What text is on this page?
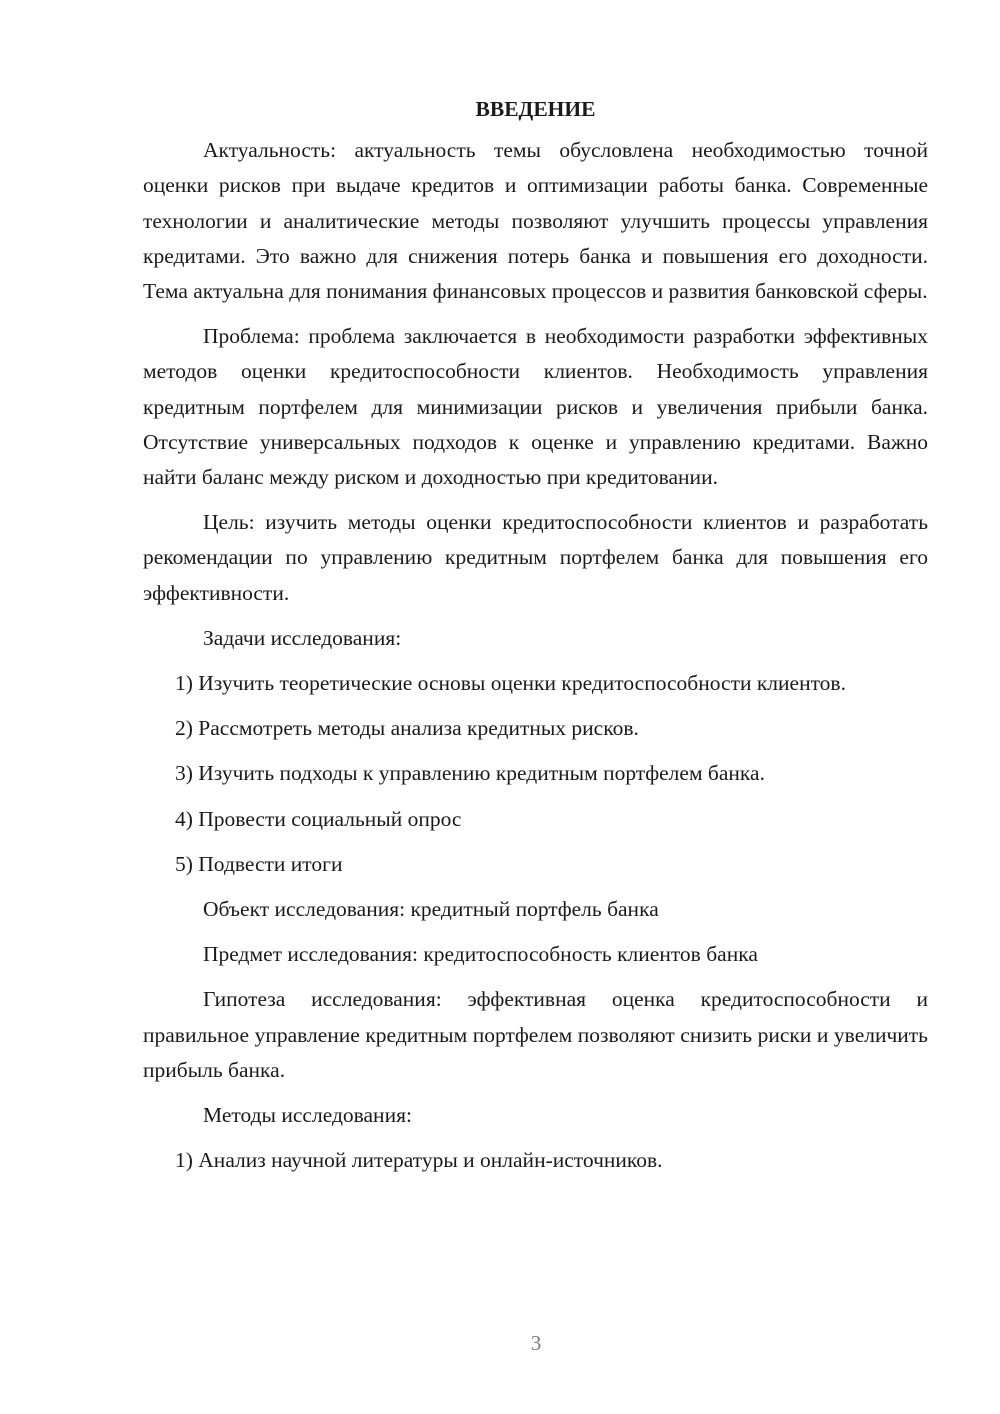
ВВЕДЕНИЕ

Актуальность: актуальность темы обусловлена необходимостью точной оценки рисков при выдаче кредитов и оптимизации работы банка. Современные технологии и аналитические методы позволяют улучшить процессы управления кредитами. Это важно для снижения потерь банка и повышения его доходности. Тема актуальна для понимания финансовых процессов и развития банковской сферы.

Проблема: проблема заключается в необходимости разработки эффективных методов оценки кредитоспособности клиентов. Необходимость управления кредитным портфелем для минимизации рисков и увеличения прибыли банка. Отсутствие универсальных подходов к оценке и управлению кредитами. Важно найти баланс между риском и доходностью при кредитовании.

Цель: изучить методы оценки кредитоспособности клиентов и разработать рекомендации по управлению кредитным портфелем банка для повышения его эффективности.

Задачи исследования:

1) Изучить теоретические основы оценки кредитоспособности клиентов.

2) Рассмотреть методы анализа кредитных рисков.

3) Изучить подходы к управлению кредитным портфелем банка.

4) Провести социальный опрос

5) Подвести итоги

Объект исследования: кредитный портфель банка

Предмет исследования: кредитоспособность клиентов банка

Гипотеза исследования: эффективная оценка кредитоспособности и правильное управление кредитным портфелем позволяют снизить риски и увеличить прибыль банка.

Методы исследования:

1) Анализ научной литературы и онлайн-источников.

3
